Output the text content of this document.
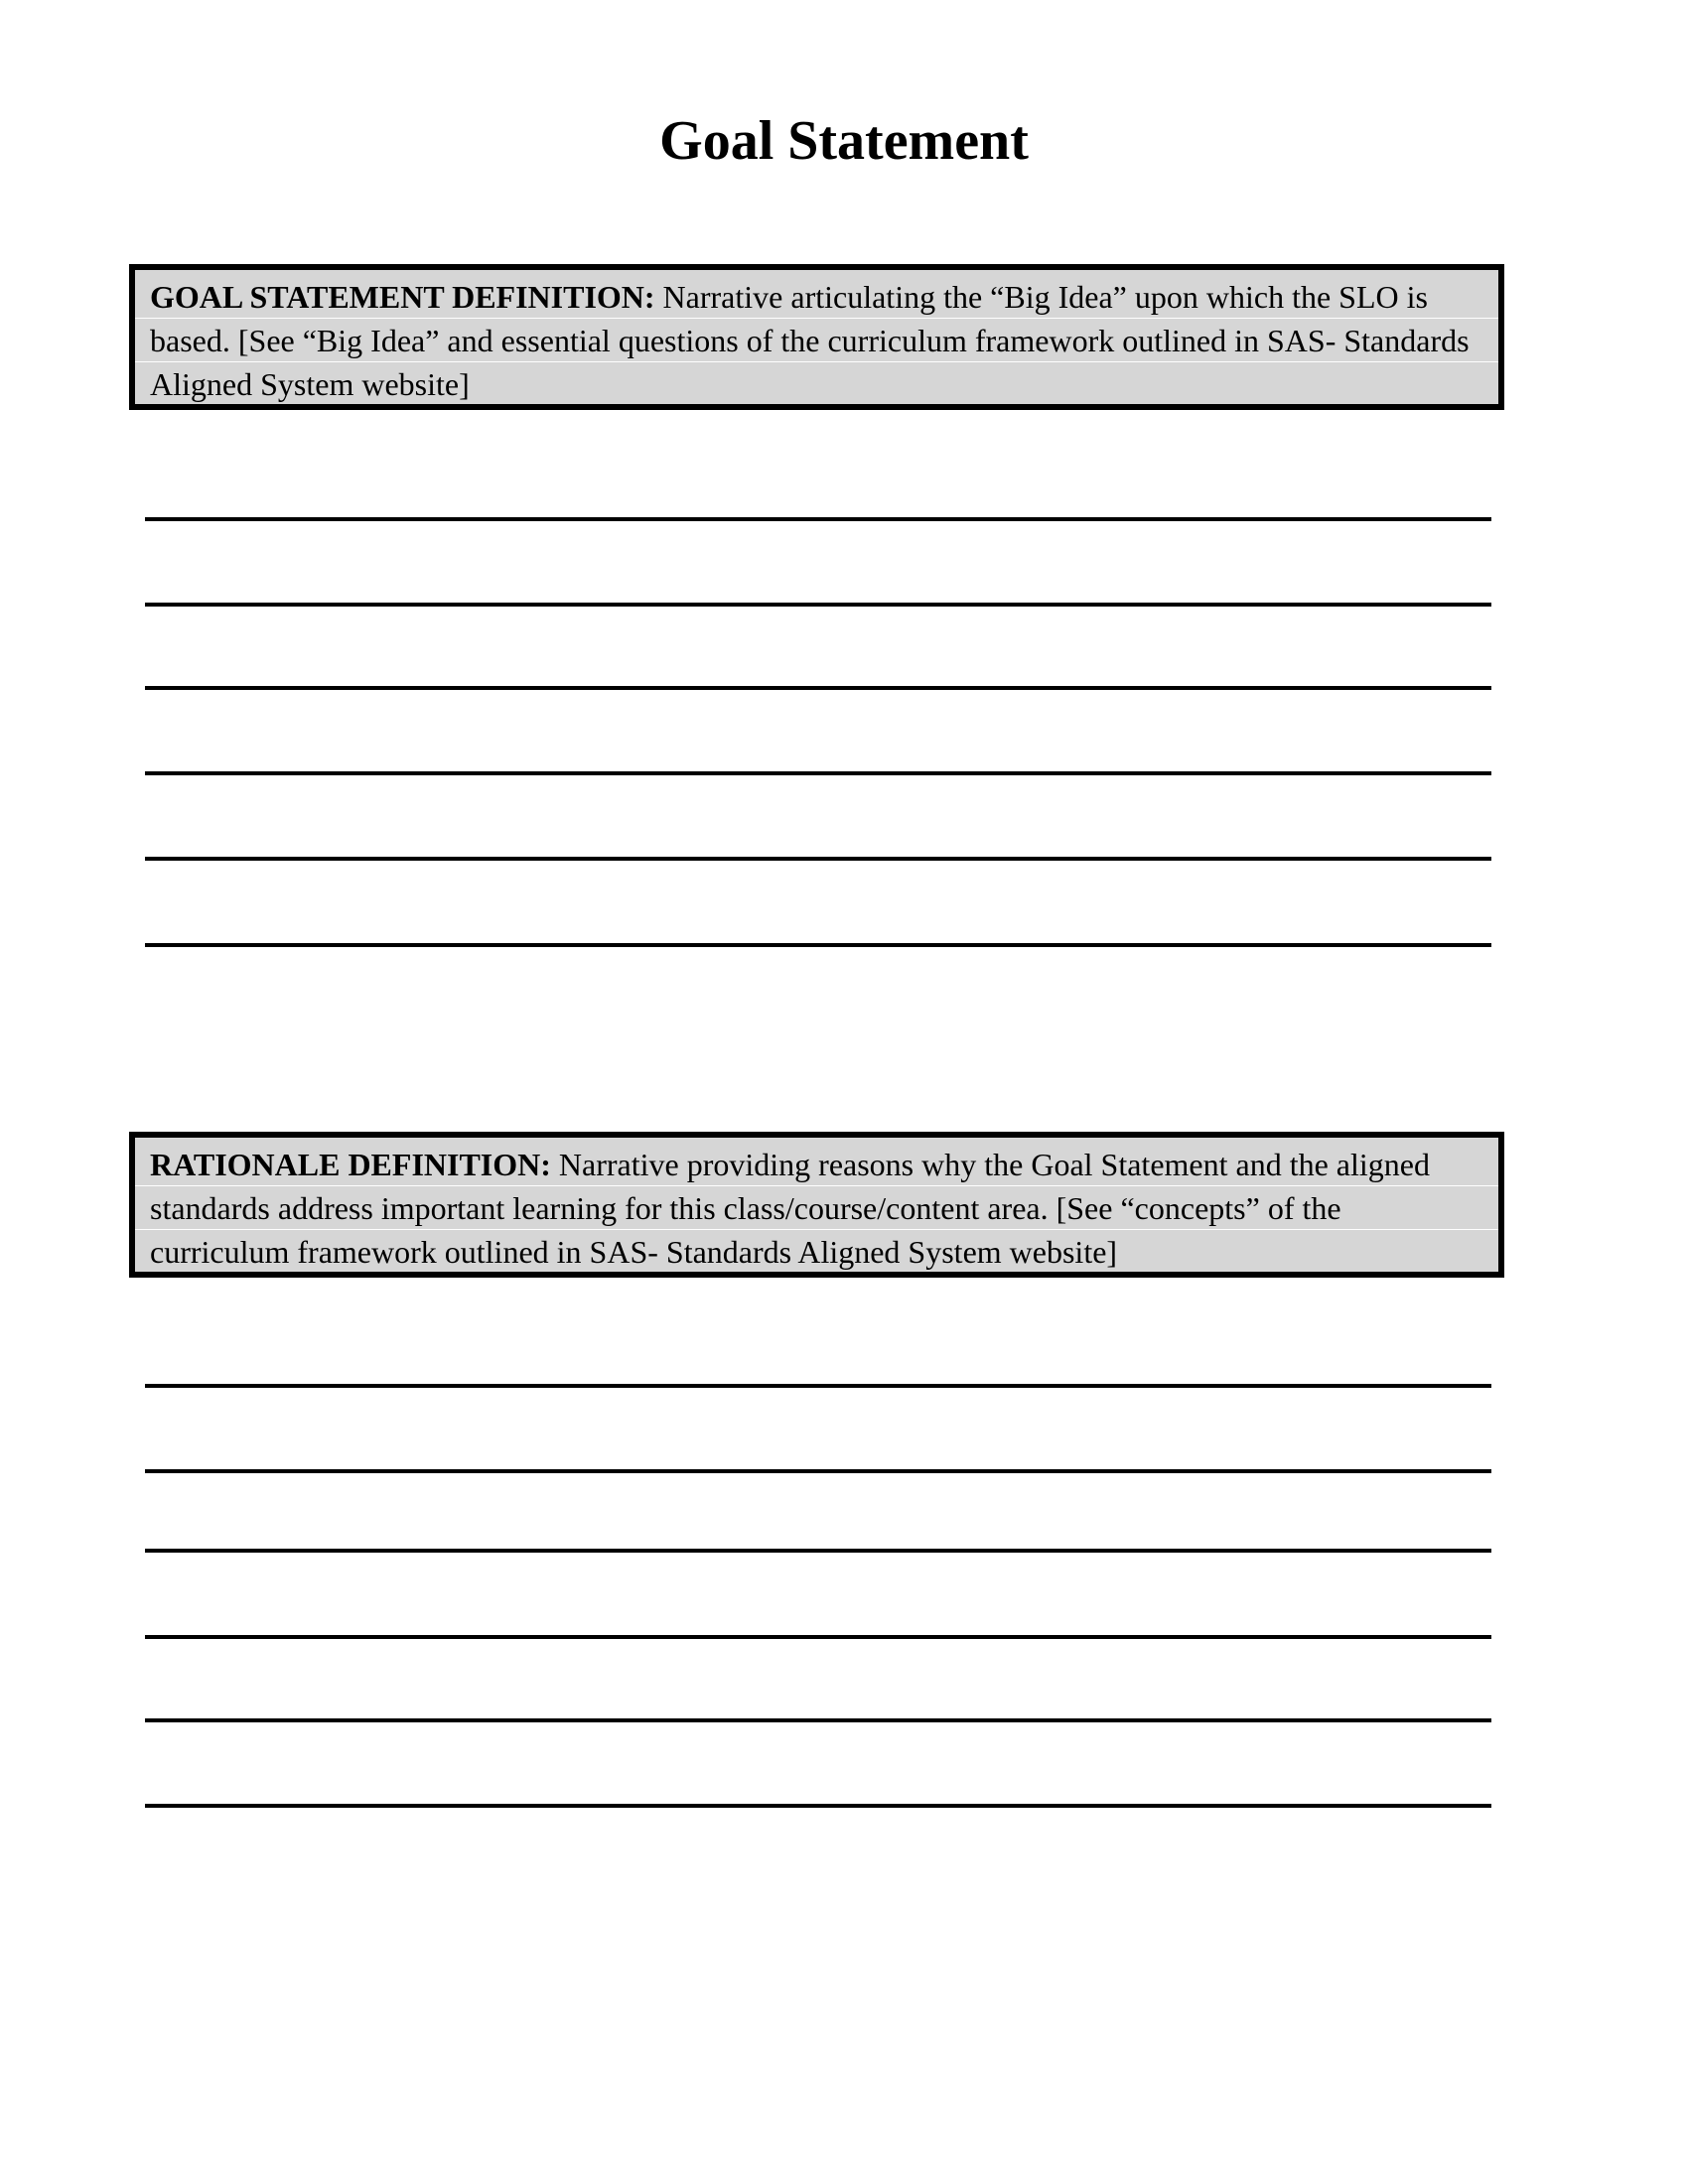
Goal Statement
GOAL STATEMENT DEFINITION: Narrative articulating the “Big Idea” upon which the SLO is based. [See “Big Idea” and essential questions of the curriculum framework outlined in SAS- Standards Aligned System website]
RATIONALE DEFINITION: Narrative providing reasons why the Goal Statement and the aligned standards address important learning for this class/course/content area. [See “concepts” of the curriculum framework outlined in SAS- Standards Aligned System website]
